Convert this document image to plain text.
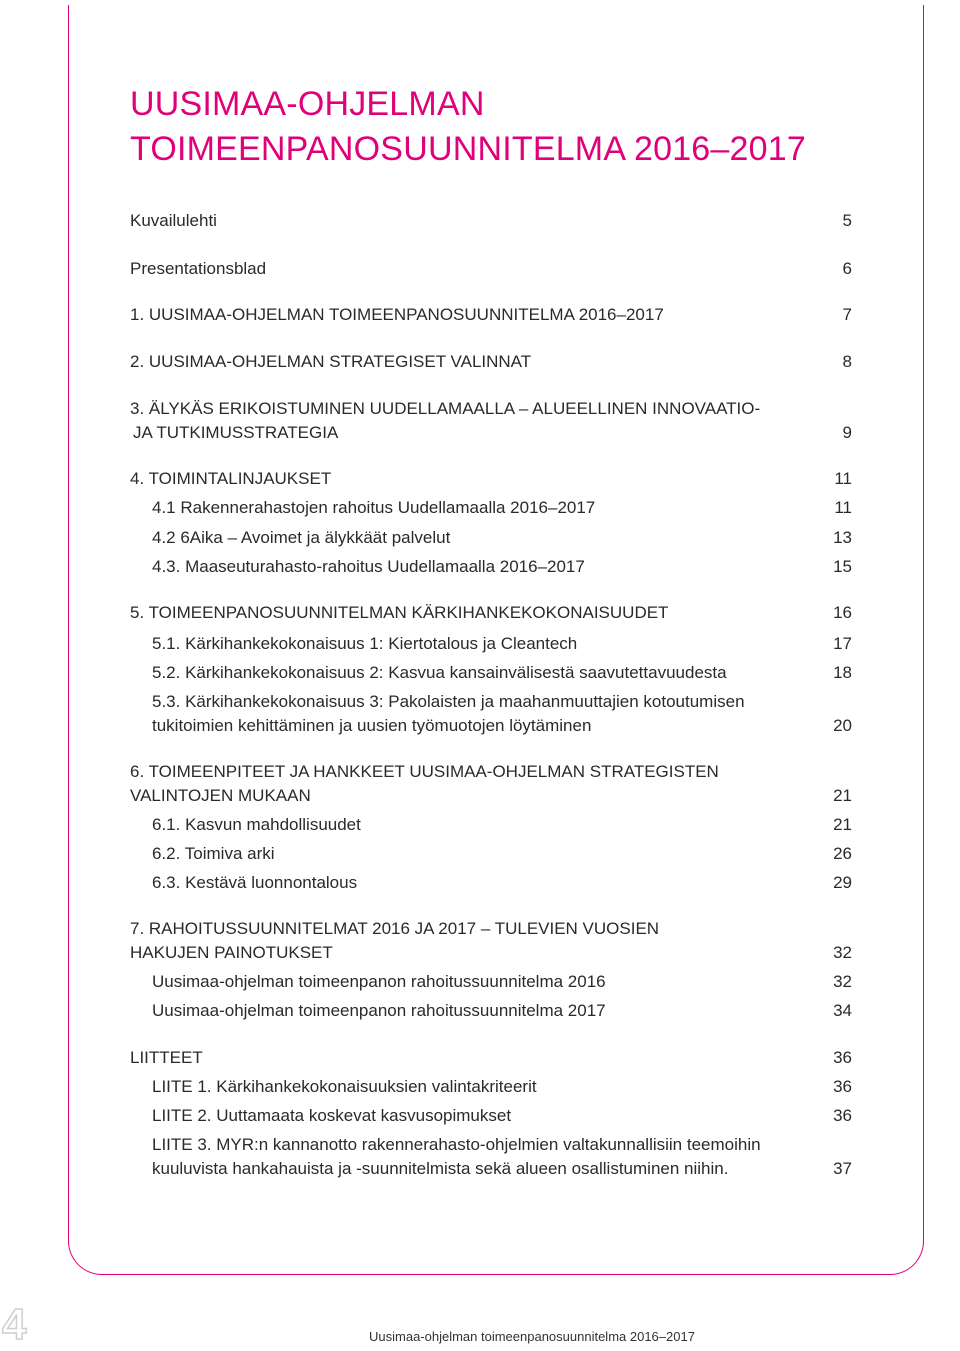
UUSIMAA-OHJELMAN
TOIMEENPANOSUUNNITELMA 2016–2017
Kuvailulehti	5
Presentationsblad	6
1. UUSIMAA-OHJELMAN TOIMEENPANOSUUNNITELMA 2016–2017	7
2. UUSIMAA-OHJELMAN STRATEGISET VALINNAT	8
3. ÄLYKÄS ERIKOISTUMINEN UUDELLAMAALLA – ALUEELLINEN INNOVAATIO-
JA TUTKIMUSSTRATEGIA	9
4. TOIMINTALINJAUKSET	11
4.1 Rakennerahastojen rahoitus Uudellamaalla 2016–2017	11
4.2 6Aika – Avoimet ja älykkäät palvelut	13
4.3. Maaseuturahasto-rahoitus Uudellamaalla 2016–2017	15
5. TOIMEENPANOSUUNNITELMAN KÄRKIHANKEKOKONAISUUDET	16
5.1. Kärkihankekokonaisuus 1: Kiertotalous ja Cleantech	17
5.2. Kärkihankekokonaisuus 2: Kasvua kansainvälisestä saavutettavuudesta	18
5.3. Kärkihankekokonaisuus 3: Pakolaisten ja maahanmuuttajien kotoutumisen
tukitoimien kehittäminen ja uusien työmuotojen löytäminen	20
6. TOIMEENPITEET JA HANKKEET UUSIMAA-OHJELMAN STRATEGISTEN
VALINTOJEN MUKAAN	21
6.1. Kasvun mahdollisuudet	21
6.2. Toimiva arki	26
6.3. Kestävä luonnontalous	29
7. RAHOITUSSUUNNITELMAT 2016 JA 2017 – TULEVIEN VUOSIEN
HAKUJEN PAINOTUKSET	32
Uusimaa-ohjelman toimeenpanon rahoitussuunnitelma 2016	32
Uusimaa-ohjelman toimeenpanon rahoitussuunnitelma 2017	34
LIITTEET	36
LIITE 1. Kärkihankekokonaisuuksien valintakriteerit	36
LIITE 2. Uuttamaata koskevat kasvusopimukset	36
LIITE 3. MYR:n kannanotto rakennerahasto-ohjelmien valtakunnallisiin teemoihin
kuuluvista hankahauista ja -suunnitelmista sekä alueen osallistuminen niihin.	37
4	Uusimaa-ohjelman toimeenpanosuunnitelma 2016–2017
